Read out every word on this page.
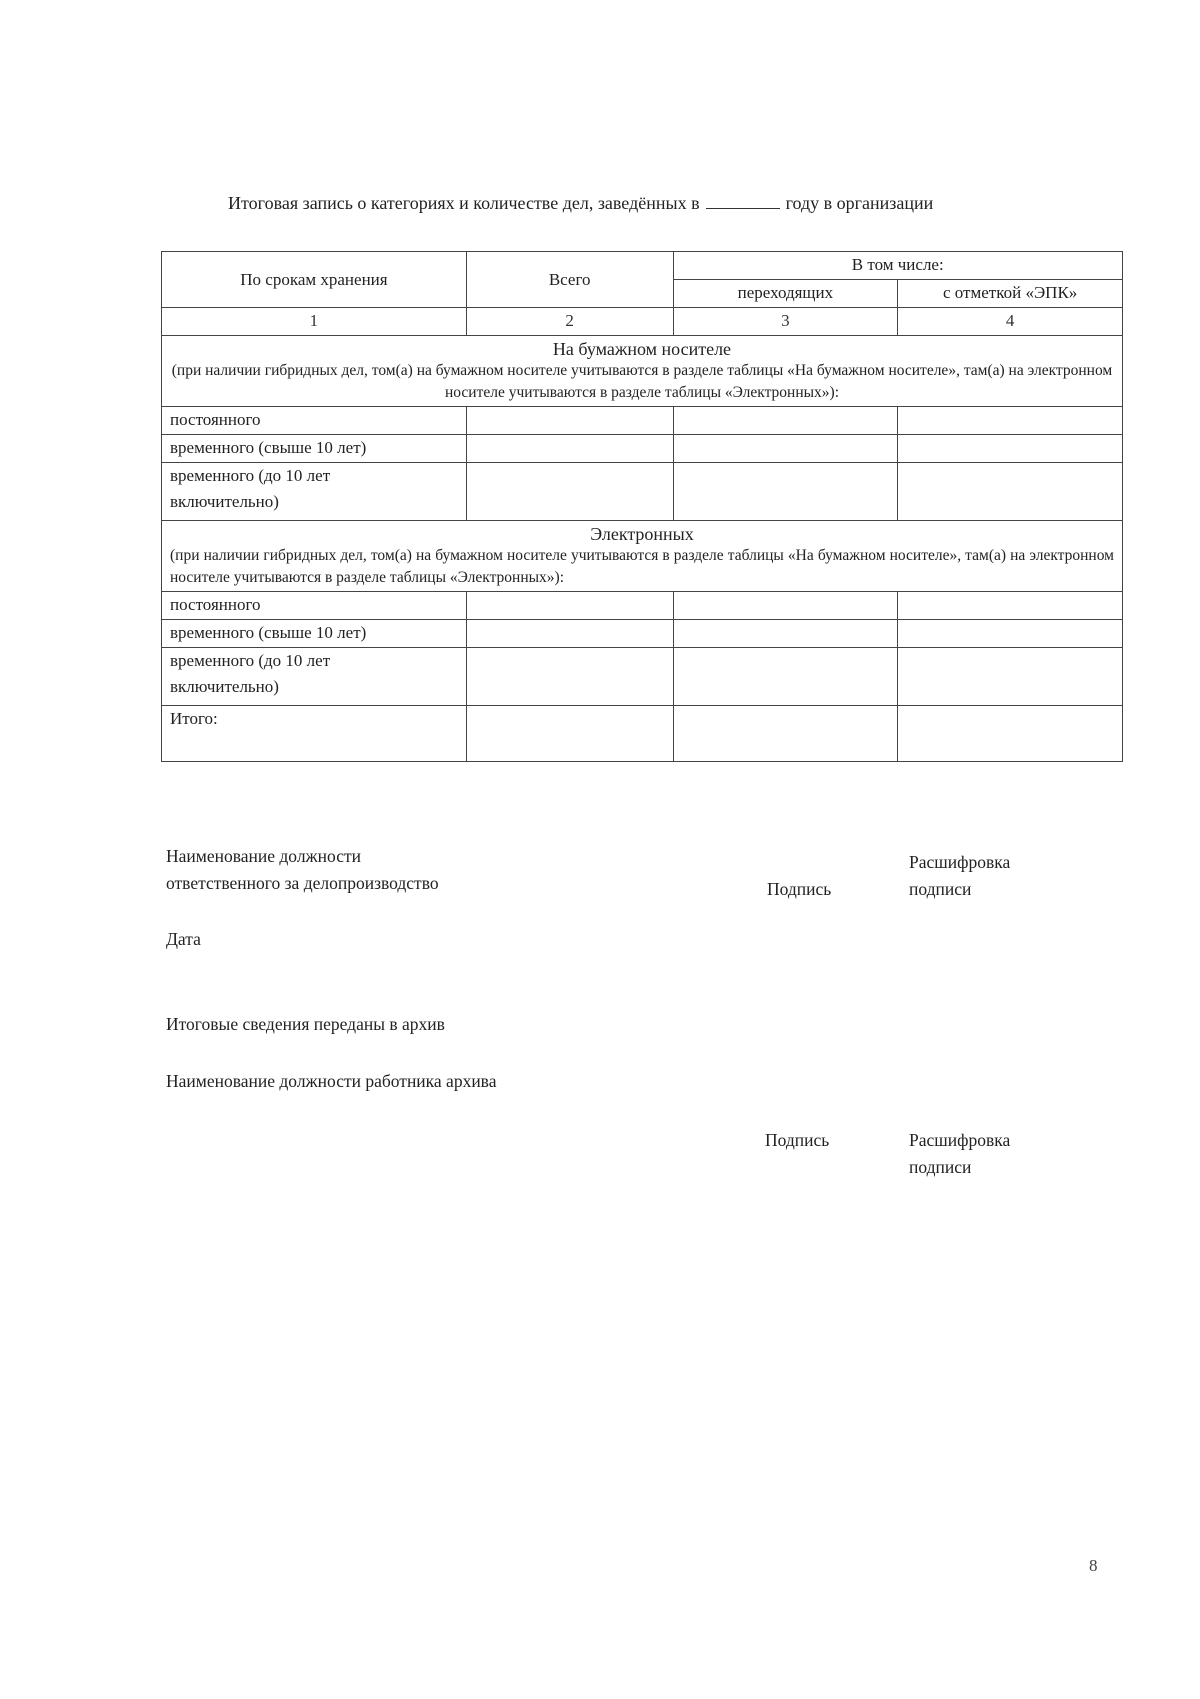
Итоговая запись о категориях и количестве дел, заведённых в	году в организации
По срокам хранения	Всего	В том числе:	
		переходящих	с отметкой «ЭПК»
1	2	3	4

На бумажном носителе
(при наличии гибридных дел, том(а) на бумажном носителе учитываются в разделе таблицы «На бумажном носителе», там(а) на электронном носителе учитываются в разделе таблицы «Электронных»):			

постоянного			
временного (свыше 10 лет)			
временного (до 10 лет включительно)			

Электронных
(при наличии гибридных дел, том(а) на бумажном носителе учитываются в разделе таблицы «На бумажном носителе», там(а) на электронном носителе учитываются в разделе таблицы «Электронных»):			

постоянного			
временного (свыше 10 лет)			
временного (до 10 лет включительно)			
Итого:			
Наименование должности
ответственного за делопроизводство	Подпись
Расшифровка
подписи
Дата
Итоговые сведения переданы в архив
Наименование должности работника архива
Подпись	Расшифровка
подписи
8
